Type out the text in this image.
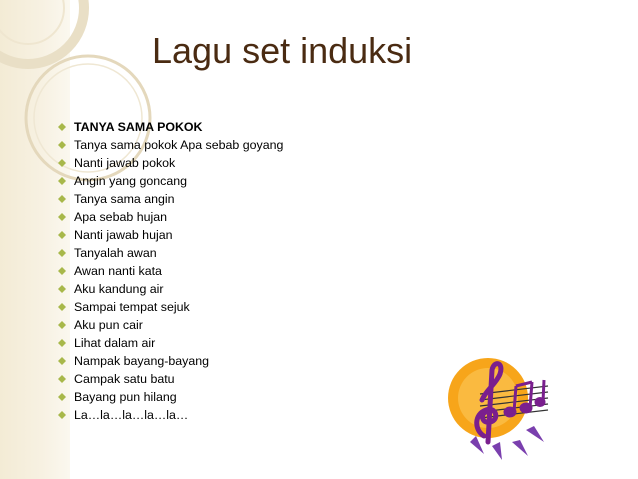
Lagu set induksi
TANYA SAMA POKOK
Tanya sama pokok Apa sebab goyang
Nanti jawab pokok
Angin yang goncang
Tanya sama angin
Apa sebab hujan
Nanti jawab hujan
Tanyalah awan
Awan nanti kata
Aku kandung air
Sampai tempat sejuk
Aku pun cair
Lihat dalam air
Nampak bayang-bayang
Campak satu batu
Bayang pun hilang
La…la…la…la…la…
